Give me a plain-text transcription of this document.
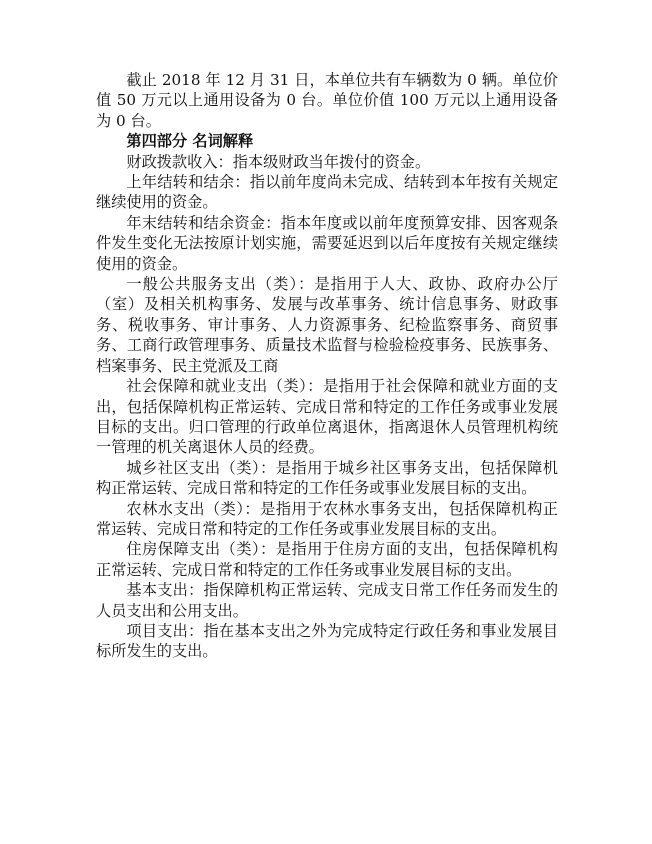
截止 2018 年 12 月 31 日，本单位共有车辆数为 0 辆。单位价值 50 万元以上通用设备为 0 台。单位价值 100 万元以上通用设备为 0 台。

第四部分 名词解释

财政拨款收入：指本级财政当年拨付的资金。

上年结转和结余：指以前年度尚未完成、结转到本年按有关规定继续使用的资金。

年末结转和结余资金：指本年度或以前年度预算安排、因客观条件发生变化无法按原计划实施，需要延迟到以后年度按有关规定继续使用的资金。

一般公共服务支出（类）：是指用于人大、政协、政府办公厅（室）及相关机构事务、发展与改革事务、统计信息事务、财政事务、税收事务、审计事务、人力资源事务、纪检监察事务、商贸事务、工商行政管理事务、质量技术监督与检验检疫事务、民族事务、档案事务、民主党派及工商

社会保障和就业支出（类）：是指用于社会保障和就业方面的支出，包括保障机构正常运转、完成日常和特定的工作任务或事业发展目标的支出。归口管理的行政单位离退休，指离退休人员管理机构统一管理的机关离退休人员的经费。

城乡社区支出（类）：是指用于城乡社区事务支出，包括保障机构正常运转、完成日常和特定的工作任务或事业发展目标的支出。

农林水支出（类）：是指用于农林水事务支出，包括保障机构正常运转、完成日常和特定的工作任务或事业发展目标的支出。

住房保障支出（类）：是指用于住房方面的支出，包括保障机构正常运转、完成日常和特定的工作任务或事业发展目标的支出。

基本支出：指保障机构正常运转、完成支日常工作任务而发生的人员支出和公用支出。

项目支出：指在基本支出之外为完成特定行政任务和事业发展目标所发生的支出。
